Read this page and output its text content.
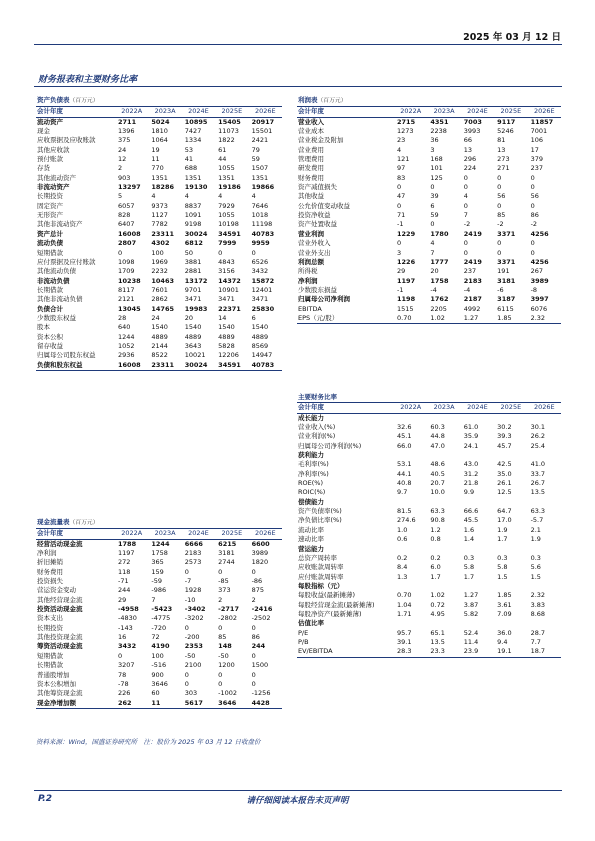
2025 年 03 月 12 日
财务报表和主要财务比率
资产负债表（百万元）					
会计年度	2022A	2023A	2024E	2025E	2026E
流动资产	2711	5024	10895	15405	20917
现金	1396	1810	7427	11073	15501
应收票据及应收账款	375	1064	1334	1822	2421
其他应收款	24	19	53	61	79
预付账款	12	11	41	44	59
存货	2	770	688	1055	1507
其他流动资产	903	1351	1351	1351	1351
非流动资产	13297	18286	19130	19186	19866
长期投资	5	4	4	4	4
固定资产	6057	9373	8837	7929	7646
无形资产	828	1127	1091	1055	1018
其他非流动资产	6407	7782	9198	10198	11198
资产总计	16008	23311	30024	34591	40783
流动负债	2807	4302	6812	7999	9959
短期借款	0	100	50	0	0
应付票据及应付账款	1098	1969	3881	4843	6526
其他流动负债	1709	2232	2881	3156	3432
非流动负债	10238	10463	13172	14372	15872
长期借款	8117	7601	9701	10901	12401
其他非流动负债	2121	2862	3471	3471	3471
负债合计	13045	14765	19983	22371	25830
少数股东权益	28	24	20	14	6
股本	640	1540	1540	1540	1540
资本公积	1244	4889	4889	4889	4889
留存收益	1052	2144	3643	5828	8569
归属母公司股东权益	2936	8522	10021	12206	14947
负债和股东权益	16008	23311	30024	34591	40783
利润表（百万元）					
会计年度	2022A	2023A	2024E	2025E	2026E
营业收入	2715	4351	7003	9117	11857
营业成本	1273	2238	3993	5246	7001
营业税金及附加	23	36	66	81	106
营业费用	4	3	13	13	17
管理费用	121	168	296	273	379
研发费用	97	101	224	271	237
财务费用	83	125	0	0	0
资产减值损失	0	0	0	0	0
其他收益	47	39	4	56	56
公允价值变动收益	0	6	0	0	0
投资净收益	71	59	7	85	86
资产处置收益	-1	0	-2	-2	-2
营业利润	1229	1780	2419	3371	4256
营业外收入	0	4	0	0	0
营业外支出	3	7	0	0	0
利润总额	1226	1777	2419	3371	4256
所得税	29	20	237	191	267
净利润	1197	1758	2183	3181	3989
少数股东损益	-1	-4	-4	-6	-8
归属母公司净利润	1198	1762	2187	3187	3997
EBITDA	1515	2205	4992	6115	6076
EPS（元/股）	0.70	1.02	1.27	1.85	2.32
现金流量表（百万元）					
会计年度	2022A	2023A	2024E	2025E	2026E
经营活动现金流	1788	1244	6666	6215	6600
净利润	1197	1758	2183	3181	3989
折旧摊销	272	365	2573	2744	1820
财务费用	118	159	0	0	0
投资损失	-71	-59	-7	-85	-86
营运资金变动	244	-986	1928	373	875
其他经营现金流	29	7	-10	2	2
投资活动现金流	-4958	-5423	-3402	-2717	-2416
资本支出	-4830	-4775	-3202	-2802	-2502
长期投资	-143	-720	0	0	0
其他投资现金流	16	72	-200	85	86
筹资活动现金流	3432	4190	2353	148	244
短期借款	0	100	-50	-50	0
长期借款	3207	-516	2100	1200	1500
普通股增加	78	900	0	0	0
资本公积增加	-78	3646	0	0	0
其他筹资现金流	226	60	303	-1002	-1256
现金净增加额	262	11	5617	3646	4428
主要财务比率					
会计年度	2022A	2023A	2024E	2025E	2026E
成长能力					
营业收入(%)	32.6	60.3	61.0	30.2	30.1
营业利润(%)	45.1	44.8	35.9	39.3	26.2
归属母公司净利润(%)	66.0	47.0	24.1	45.7	25.4
获利能力					
毛利率(%)	53.1	48.6	43.0	42.5	41.0
净利率(%)	44.1	40.5	31.2	35.0	33.7
ROE(%)	40.8	20.7	21.8	26.1	26.7
ROIC(%)	9.7	10.0	9.9	12.5	13.5
偿债能力					
资产负债率(%)	81.5	63.3	66.6	64.7	63.3
净负债比率(%)	274.6	90.8	45.5	17.0	-5.7
流动比率	1.0	1.2	1.6	1.9	2.1
速动比率	0.6	0.8	1.4	1.7	1.9
营运能力					
总资产周转率	0.2	0.2	0.3	0.3	0.3
应收账款周转率	8.4	6.0	5.8	5.8	5.6
应付账款周转率	1.3	1.7	1.7	1.5	1.5
每股指标（元）					
每股收益(最新摊薄)	0.70	1.02	1.27	1.85	2.32
每股经营现金流(最新摊薄)	1.04	0.72	3.87	3.61	3.83
每股净资产(最新摊薄)	1.71	4.95	5.82	7.09	8.68
估值比率					
P/E	95.7	65.1	52.4	36.0	28.7
P/B	39.1	13.5	11.4	9.4	7.7
EV/EBITDA	28.3	23.3	23.9	19.1	18.7
资料来源：Wind，国盛证券研究所　注：股价为 2025 年 03 月 12 日收盘价
P.2	请仔细阅读本报告末页声明
